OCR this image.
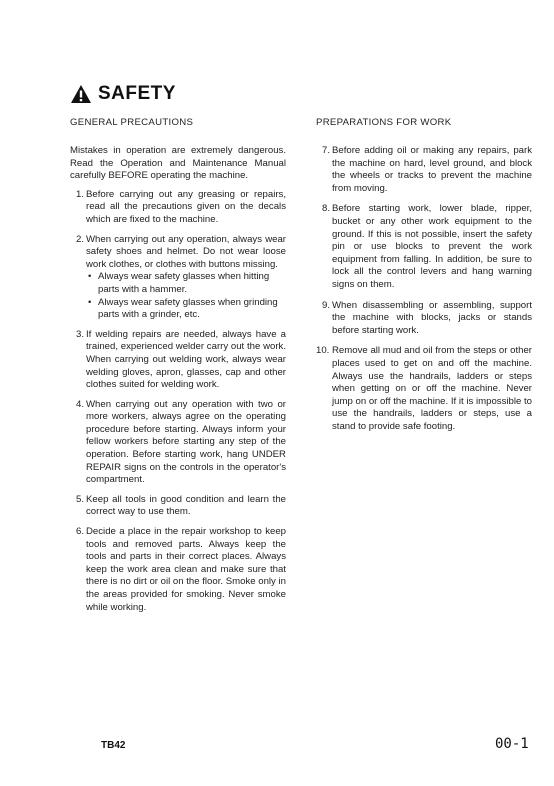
SAFETY
GENERAL PRECAUTIONS

Mistakes in operation are extremely dangerous. Read the Operation and Maintenance Manual carefully BEFORE operating the machine.

1. Before carrying out any greasing or repairs, read all the precautions given on the decals which are fixed to the machine.
2. When carrying out any operation, always wear safety shoes and helmet. Do not wear loose work clothes, or clothes with buttons missing.
• Always wear safety glasses when hitting parts with a hammer.
• Always wear safety glasses when grinding parts with a grinder, etc.
3. If welding repairs are needed, always have a trained, experienced welder carry out the work. When carrying out welding work, always wear welding gloves, apron, glasses, cap and other clothes suited for welding work.
4. When carrying out any operation with two or more workers, always agree on the operating procedure before starting. Always inform your fellow workers before starting any step of the operation. Before starting work, hang UNDER REPAIR signs on the controls in the operator's compartment.
5. Keep all tools in good condition and learn the correct way to use them.
6. Decide a place in the repair workshop to keep tools and removed parts. Always keep the tools and parts in their correct places. Always keep the work area clean and make sure that there is no dirt or oil on the floor. Smoke only in the areas provided for smoking. Never smoke while working.
PREPARATIONS FOR WORK
7. Before adding oil or making any repairs, park the machine on hard, level ground, and block the wheels or tracks to prevent the machine from moving.
8. Before starting work, lower blade, ripper, bucket or any other work equipment to the ground. If this is not possible, insert the safety pin or use blocks to prevent the work equipment from falling. In addition, be sure to lock all the control levers and hang warning signs on them.
9. When disassembling or assembling, support the machine with blocks, jacks or stands before starting work.
10. Remove all mud and oil from the steps or other places used to get on and off the machine. Always use the handrails, ladders or steps when getting on or off the machine. Never jump on or off the machine. If it is impossible to use the handrails, ladders or steps, use a stand to provide safe footing.
TB42	00-1
